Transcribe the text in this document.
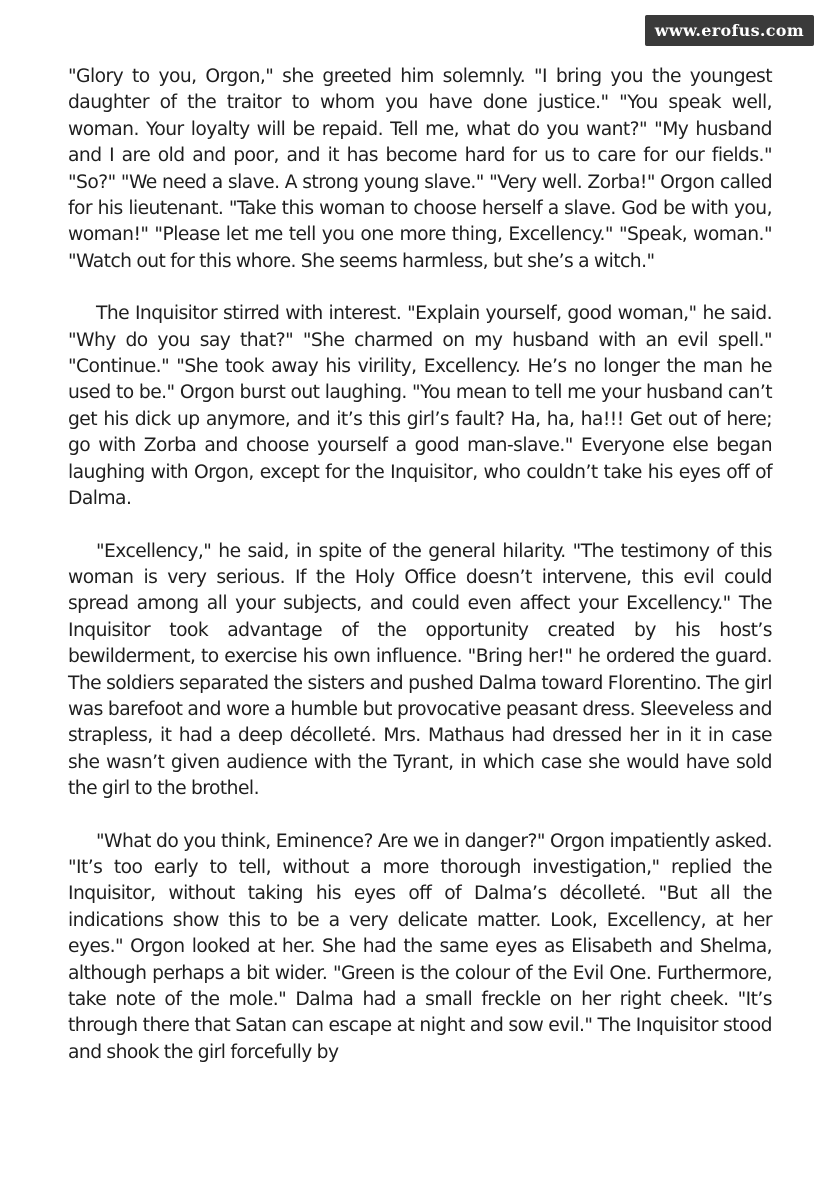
www.erofus.com

"Glory to you, Orgon," she greeted him solemnly. "I bring you the youngest daughter of the traitor to whom you have done justice." "You speak well, woman. Your loyalty will be repaid. Tell me, what do you want?" "My husband and I are old and poor, and it has become hard for us to care for our fields." "So?" "We need a slave. A strong young slave." "Very well. Zorba!" Orgon called for his lieutenant. "Take this woman to choose herself a slave. God be with you, woman!" "Please let me tell you one more thing, Excellency." "Speak, woman." "Watch out for this whore. She seems harmless, but she’s a witch."

The Inquisitor stirred with interest. "Explain yourself, good woman," he said. "Why do you say that?" "She charmed on my husband with an evil spell." "Continue." "She took away his virility, Excellency. He’s no longer the man he used to be." Orgon burst out laughing. "You mean to tell me your husband can’t get his dick up anymore, and it’s this girl’s fault? Ha, ha, ha!!! Get out of here; go with Zorba and choose yourself a good man-slave." Everyone else began laughing with Orgon, except for the Inquisitor, who couldn’t take his eyes off of Dalma.

"Excellency," he said, in spite of the general hilarity. "The testimony of this woman is very serious. If the Holy Office doesn’t intervene, this evil could spread among all your subjects, and could even affect your Excellency." The Inquisitor took advantage of the opportunity created by his host’s bewilderment, to exercise his own influence. "Bring her!" he ordered the guard. The soldiers separated the sisters and pushed Dalma toward Florentino. The girl was barefoot and wore a humble but provocative peasant dress. Sleeveless and strapless, it had a deep décolleté. Mrs. Mathaus had dressed her in it in case she wasn’t given audience with the Tyrant, in which case she would have sold the girl to the brothel.

"What do you think, Eminence? Are we in danger?" Orgon impatiently asked. "It’s too early to tell, without a more thorough investigation," replied the Inquisitor, without taking his eyes off of Dalma’s décolleté. "But all the indications show this to be a very delicate matter. Look, Excellency, at her eyes." Orgon looked at her. She had the same eyes as Elisabeth and Shelma, although perhaps a bit wider. "Green is the colour of the Evil One. Furthermore, take note of the mole." Dalma had a small freckle on her right cheek. "It’s through there that Satan can escape at night and sow evil." The Inquisitor stood and shook the girl forcefully by
